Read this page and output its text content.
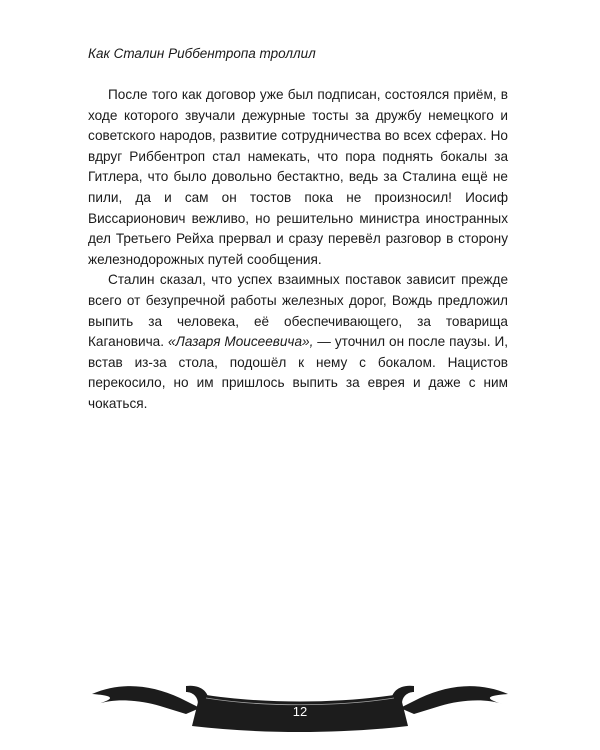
Как Сталин Риббентропа троллил

После того как договор уже был подписан, состоялся приём, в ходе которого звучали дежурные тосты за дружбу немецкого и советского народов, развитие сотрудничества во всех сферах. Но вдруг Риббентроп стал намекать, что пора поднять бокалы за Гитлера, что было довольно бестактно, ведь за Сталина ещё не пили, да и сам он тостов пока не произносил! Иосиф Виссарионович вежливо, но решительно министра иностранных дел Третьего Рейха прервал и сразу перевёл разговор в сторону железнодорожных путей сообщения.

Сталин сказал, что успех взаимных поставок зависит прежде всего от безупречной работы железных дорог, Вождь предложил выпить за человека, её обеспечивающего, за товарища Кагановича. «Лазаря Моисеевича», — уточнил он после паузы. И, встав из-за стола, подошёл к нему с бокалом. Нацистов перекосило, но им пришлось выпить за еврея и даже с ним чокаться.

12
